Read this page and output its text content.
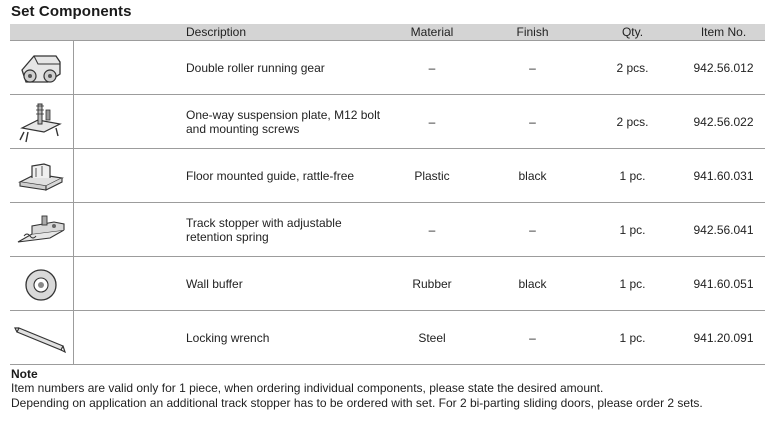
Set Components
		Description	Material	Finish	Qty.	Item No.

		Double roller running gear	–	–	2 pcs.	942.56.012

		One-way suspension plate, M12 bolt and mounting screws	–	–	2 pcs.	942.56.022

		Floor mounted guide, rattle-free	Plastic	black	1 pc.	941.60.031

		Track stopper with adjustable retention spring	–	–	1 pc.	942.56.041

		Wall buffer	Rubber	black	1 pc.	941.60.051

		Locking wrench	Steel	–	1 pc.	941.20.091
Note
Item numbers are valid only for 1 piece, when ordering individual components, please state the desired amount.
Depending on application an additional track stopper has to be ordered with set. For 2 bi-parting sliding doors, please order 2 sets.
